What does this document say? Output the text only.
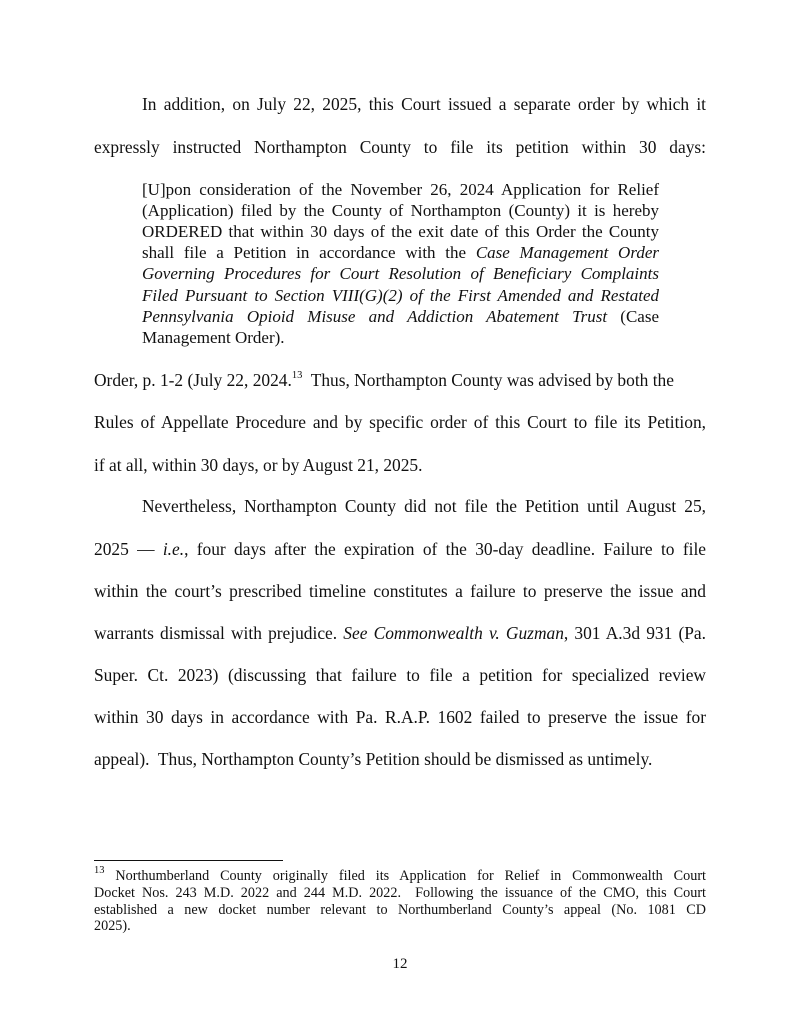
In addition, on July 22, 2025, this Court issued a separate order by which it
expressly instructed Northampton County to file its petition within 30 days:
[U]pon consideration of the November 26, 2024 Application for Relief
(Application) filed by the County of Northampton (County) it is hereby
ORDERED that within 30 days of the exit date of this Order the County
shall file a Petition in accordance with the Case Management Order
Governing Procedures for Court Resolution of Beneficiary Complaints
Filed Pursuant to Section VIII(G)(2) of the First Amended and Restated
Pennsylvania Opioid Misuse and Addiction Abatement Trust (Case
Management Order).
Order, p. 1-2 (July 22, 2024.13  Thus, Northampton County was advised by both the
Rules of Appellate Procedure and by specific order of this Court to file its Petition,
if at all, within 30 days, or by August 21, 2025.
Nevertheless, Northampton County did not file the Petition until August 25,
2025 — i.e., four days after the expiration of the 30-day deadline. Failure to file
within the court’s prescribed timeline constitutes a failure to preserve the issue and
warrants dismissal with prejudice. See Commonwealth v. Guzman, 301 A.3d 931 (Pa.
Super. Ct. 2023) (discussing that failure to file a petition for specialized review
within 30 days in accordance with Pa. R.A.P. 1602 failed to preserve the issue for
appeal).  Thus, Northampton County’s Petition should be dismissed as untimely.
$^{13}$ Northumberland County originally filed its Application for Relief in Commonwealth Court
Docket Nos. 243 M.D. 2022 and 244 M.D. 2022.  Following the issuance of the CMO, this Court
established a new docket number relevant to Northumberland County’s appeal (No. 1081 CD
2025).
12
